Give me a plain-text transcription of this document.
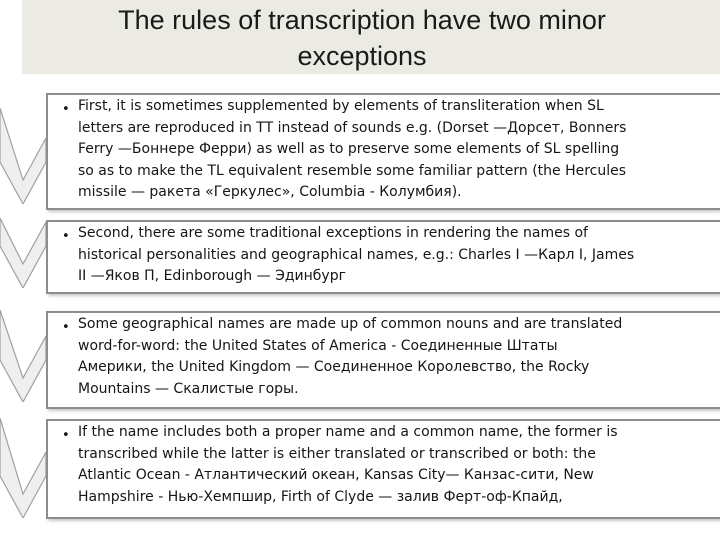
The rules of transcription have two minor
exceptions
• First, it is sometimes supplemented by elements of transliteration when SL
letters are reproduced in TT instead of sounds e.g. (Dorset —Дорсет, Bonners
Ferry —Боннере Ферри) as well as to preserve some elements of SL spelling
so as to make the TL equivalent resemble some familiar pattern (the Hercules
missile — ракета «Геркулес», Columbia - Колумбия).
• Second, there are some traditional exceptions in rendering the names of
historical personalities and geographical names, e.g.: Charles I —Карл I, James
II —Яков П, Edinborough — Эдинбург
• Some geographical names are made up of common nouns and are translated
word-for-word: the United States of America - Соединенные Штаты
Америки, the United Kingdom — Соединенное Королевство, the Rocky
Mountains — Скалистые горы.
• If the name includes both a proper name and a common name, the former is
transcribed while the latter is either translated or transcribed or both: the
Atlantic Ocean - Атлантический океан, Kansas City— Канзас-сити, New
Hampshire - Нью-Хемпшир, Firth of Clyde — залив Ферт-оф-Кпайд,
